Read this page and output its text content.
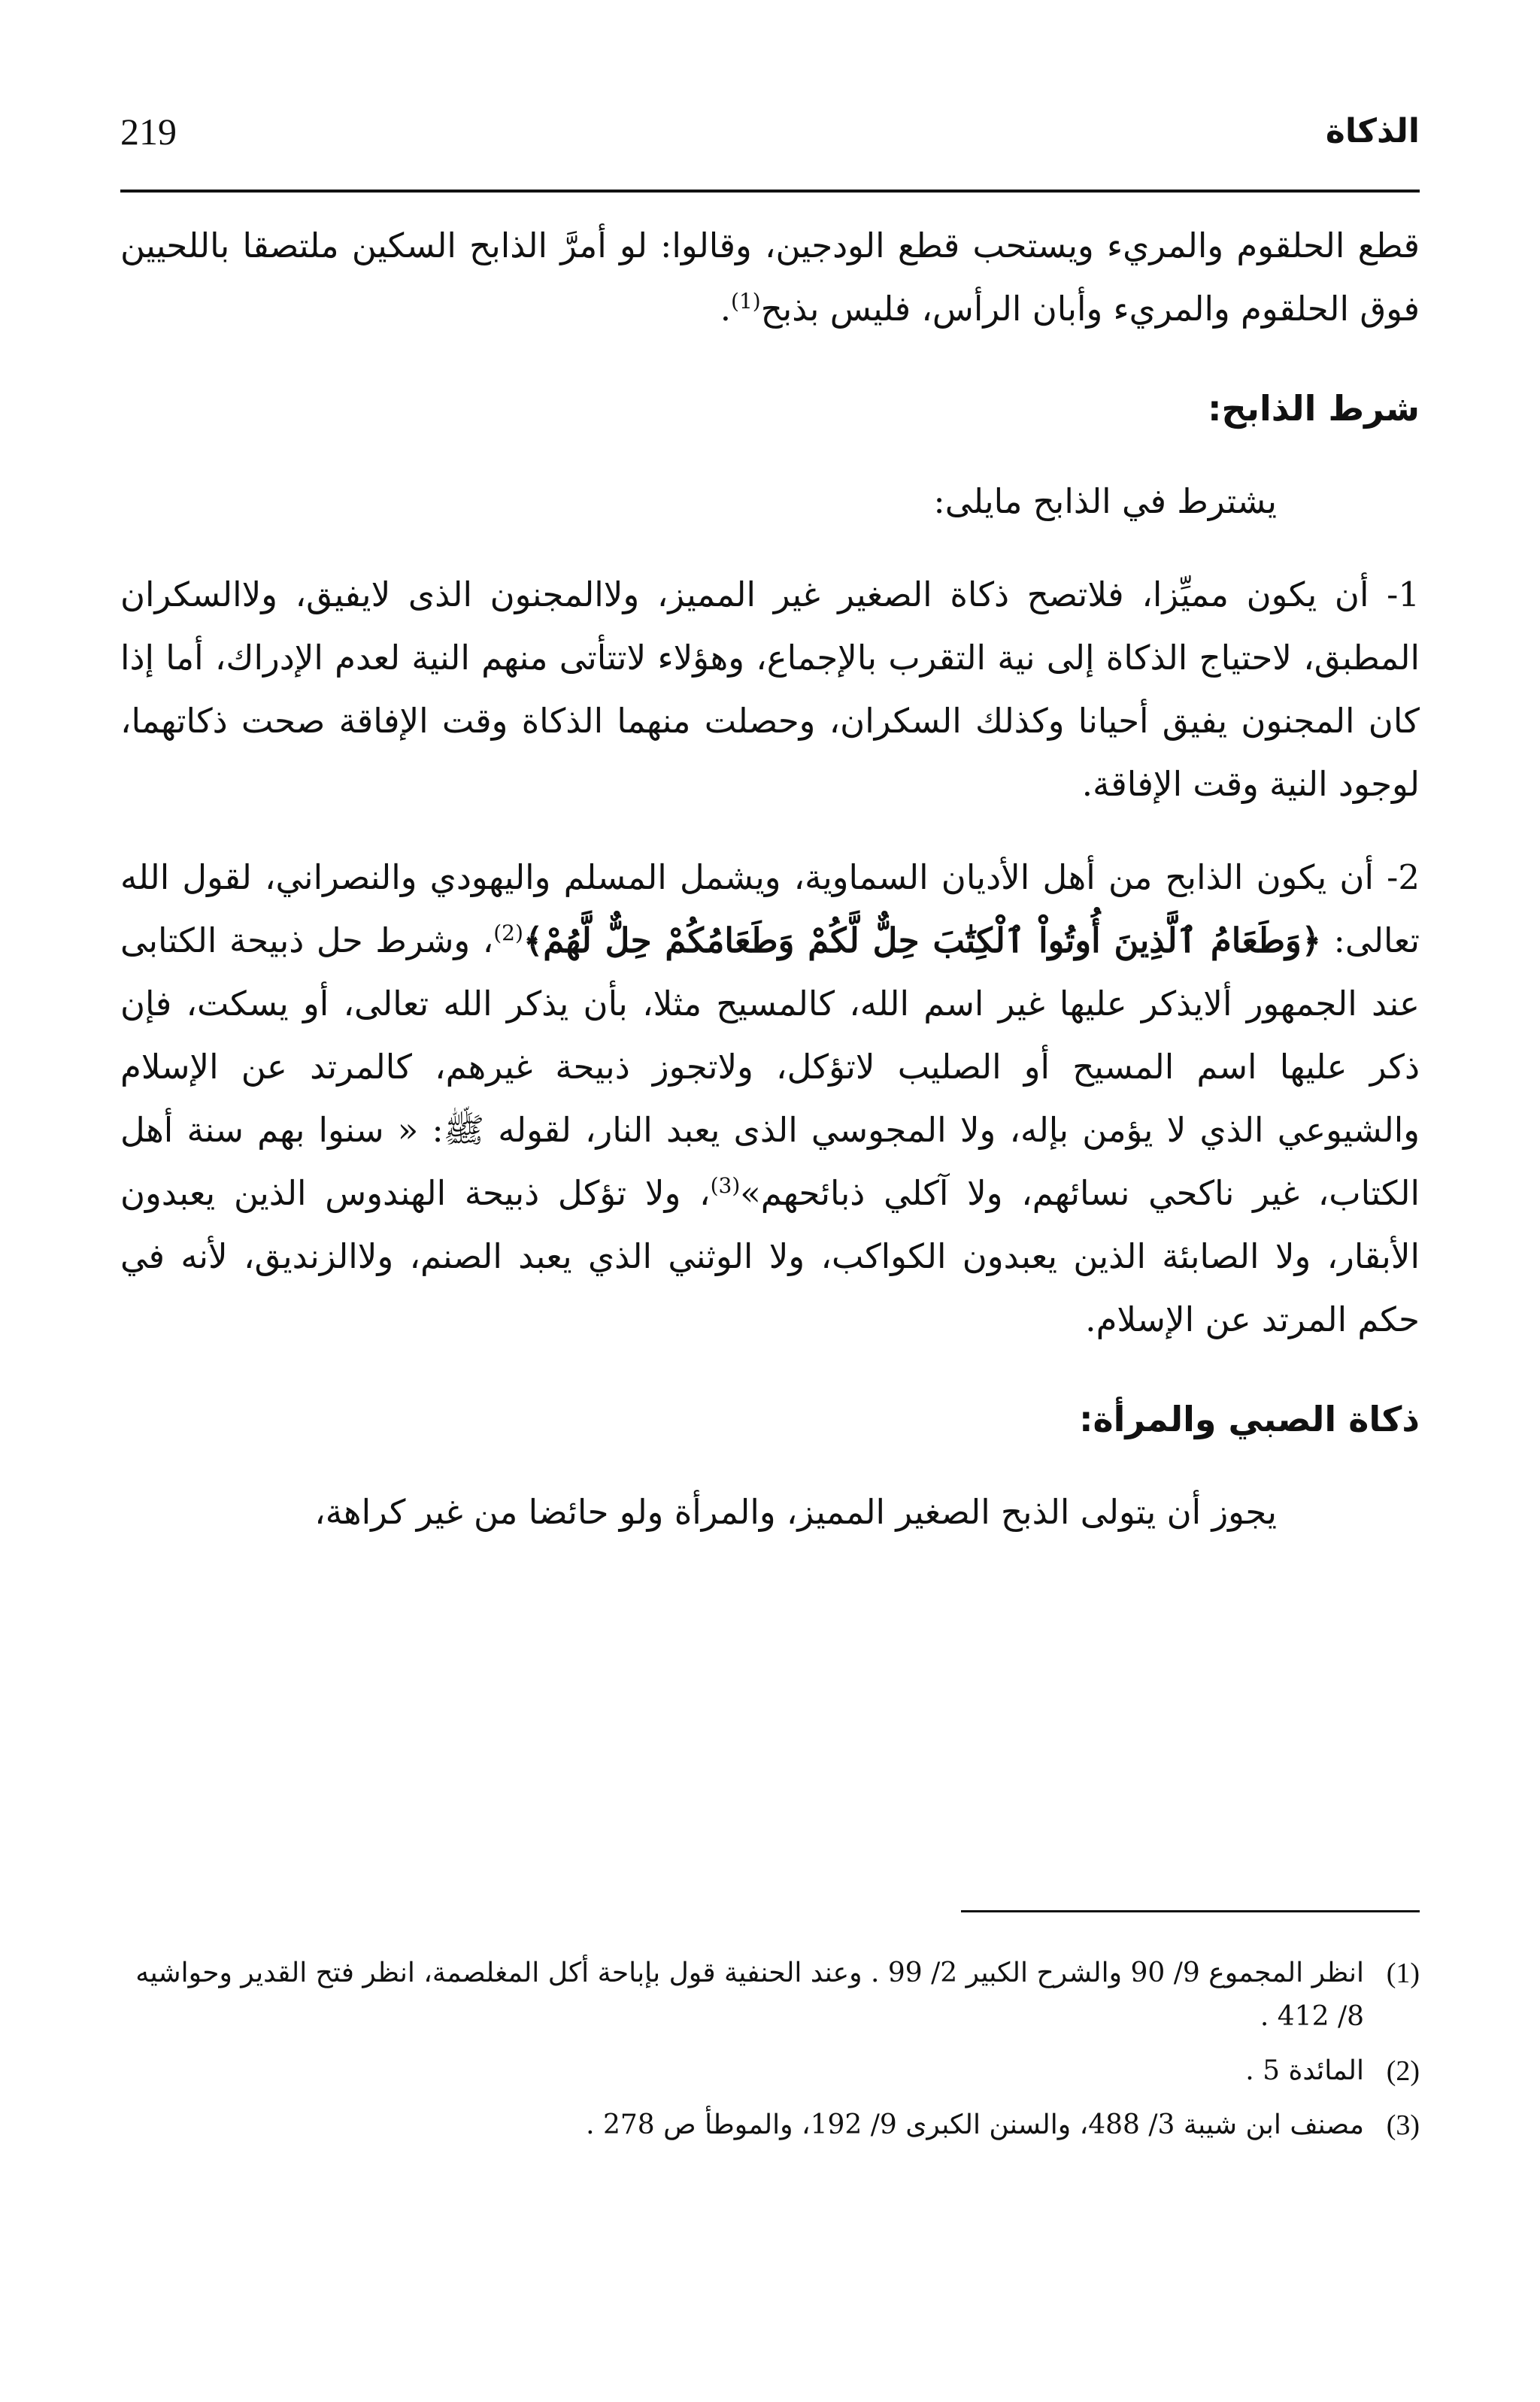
219	الذكاة

قطع الحلقوم والمريء ويستحب قطع الودجين، وقالوا: لو أمرَّ الذابح السكين ملتصقا باللحيين فوق الحلقوم والمريء وأبان الرأس، فليس بذبح$^{(1)}$.

شرط الذابح:

يشترط في الذابح مايلى:

1- أن يكون مميِّزا، فلاتصح ذكاة الصغير غير المميز، ولاالمجنون الذى لايفيق، ولاالسكران المطبق، لاحتياج الذكاة إلى نية التقرب بالإجماع، وهؤلاء لاتتأتى منهم النية لعدم الإدراك، أما إذا كان المجنون يفيق أحيانا وكذلك السكران، وحصلت منهما الذكاة وقت الإفاقة صحت ذكاتهما، لوجود النية وقت الإفاقة.

2- أن يكون الذابح من أهل الأديان السماوية، ويشمل المسلم واليهودي والنصراني، لقول الله تعالى: ﴿وَطَعَامُ ٱلَّذِينَ أُوتُواْ ٱلْكِتَٰبَ حِلٌّ لَّكُمْ وَطَعَامُكُمْ حِلٌّ لَّهُمْ﴾$^{(2)}$، وشرط حل ذبيحة الكتابى عند الجمهور ألايذكر عليها غير اسم الله، كالمسيح مثلا، بأن يذكر الله تعالى، أو يسكت، فإن ذكر عليها اسم المسيح أو الصليب لاتؤكل، ولاتجوز ذبيحة غيرهم، كالمرتد عن الإسلام والشيوعي الذي لا يؤمن بإله، ولا المجوسي الذى يعبد النار، لقوله ﷺ: « سنوا بهم سنة أهل الكتاب، غير ناكحي نسائهم، ولا آكلي ذبائحهم»$^{(3)}$، ولا تؤكل ذبيحة الهندوس الذين يعبدون الأبقار، ولا الصابئة الذين يعبدون الكواكب، ولا الوثني الذي يعبد الصنم، ولاالزنديق، لأنه في حكم المرتد عن الإسلام.

ذكاة الصبي والمرأة:

يجوز أن يتولى الذبح الصغير المميز، والمرأة ولو حائضا من غير كراهة،

(1)
انظر المجموع 9/ 90 والشرح الكبير 2/ 99 . وعند الحنفية قول بإباحة أكل المغلصمة، انظر فتح القدير وحواشيه 8/ 412 .
(2)
المائدة 5 .
(3)
مصنف ابن شيبة 3/ 488، والسنن الكبرى 9/ 192، والموطأ ص 278 .
